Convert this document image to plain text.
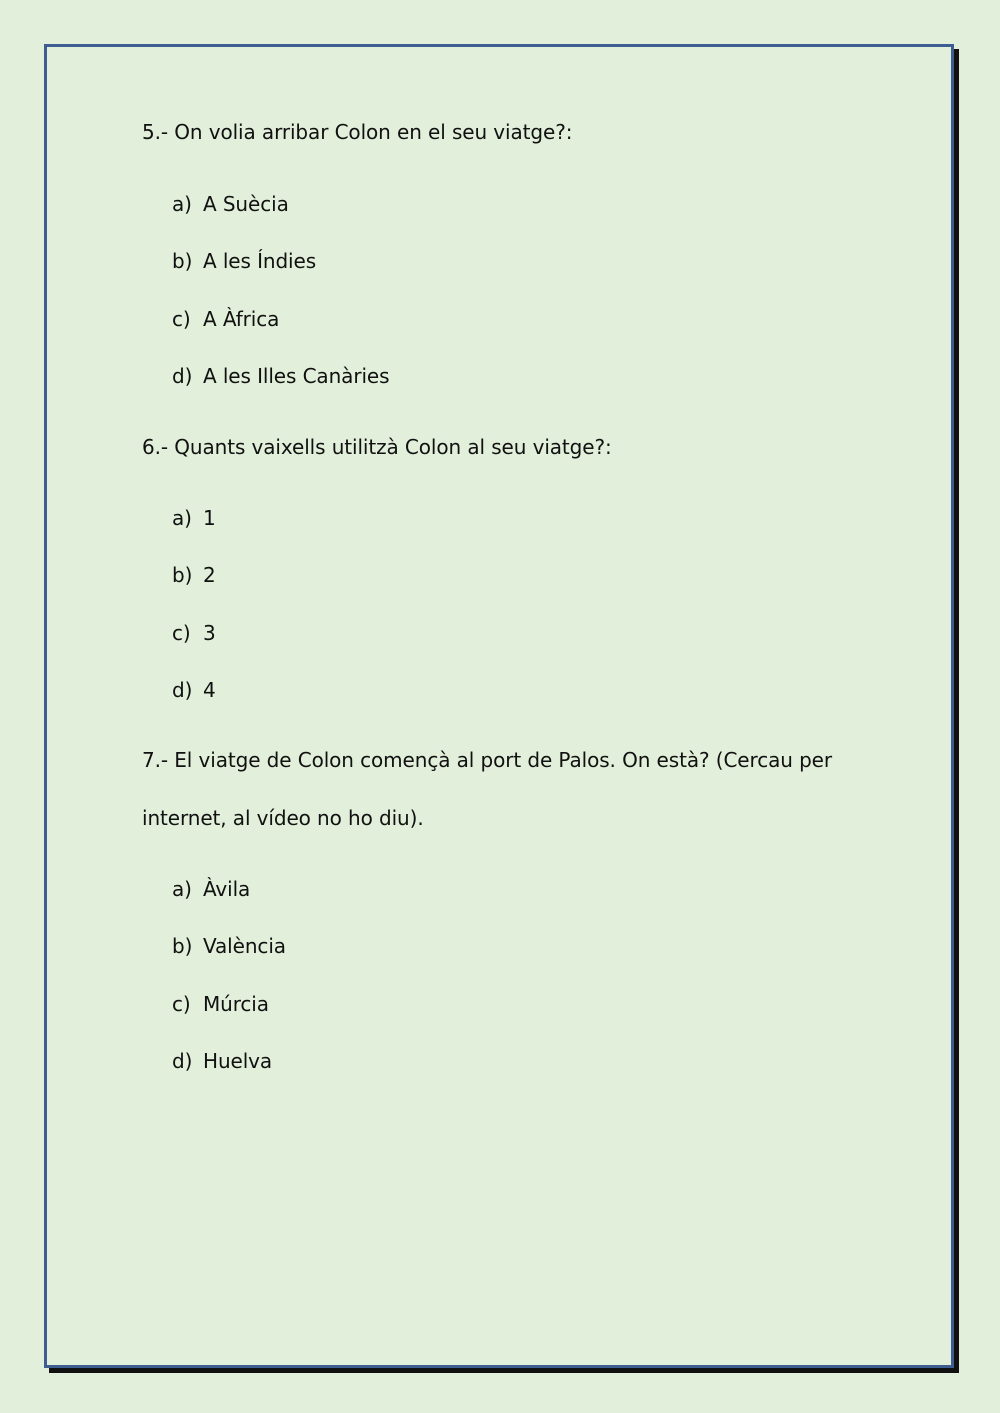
5.- On volia arribar Colon en el seu viatge?:
a) A Suècia
b) A les Índies
c) A Àfrica
d) A les Illes Canàries
6.- Quants vaixells utilitzà Colon al seu viatge?:
a) 1
b) 2
c) 3
d) 4
7.- El viatge de Colon començà al port de Palos. On està? (Cercau per
internet, al vídeo no ho diu).
a) Àvila
b) València
c) Múrcia
d) Huelva
